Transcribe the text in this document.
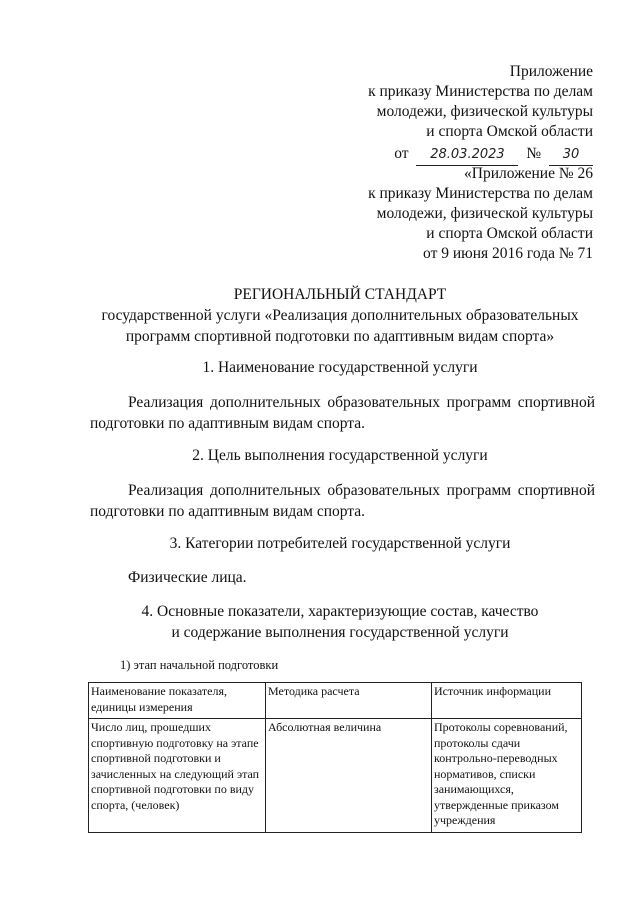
Приложение
к приказу Министерства по делам
молодежи, физической культуры
и спорта Омской области
от 28.03.2023 № 30
«Приложение № 26
к приказу Министерства по делам
молодежи, физической культуры
и спорта Омской области
от 9 июня 2016 года № 71
РЕГИОНАЛЬНЫЙ СТАНДАРТ
государственной услуги «Реализация дополнительных образовательных
программ спортивной подготовки по адаптивным видам спорта»
1. Наименование государственной услуги
Реализация дополнительных образовательных программ спортивной подготовки по адаптивным видам спорта.
2. Цель выполнения государственной услуги
Реализация дополнительных образовательных программ спортивной подготовки по адаптивным видам спорта.
3. Категории потребителей государственной услуги
Физические лица.
4. Основные показатели, характеризующие состав, качество
и содержание выполнения государственной услуги
1) этап начальной подготовки
Наименование показателя, единицы измерения	Методика расчета	Источник информации
Число лиц, прошедших спортивную подготовку на этапе спортивной подготовки и зачисленных на следующий этап спортивной подготовки по виду спорта, (человек)	Абсолютная величина	Протоколы соревнований, протоколы сдачи контрольно-переводных нормативов, списки занимающихся, утвержденные приказом учреждения
